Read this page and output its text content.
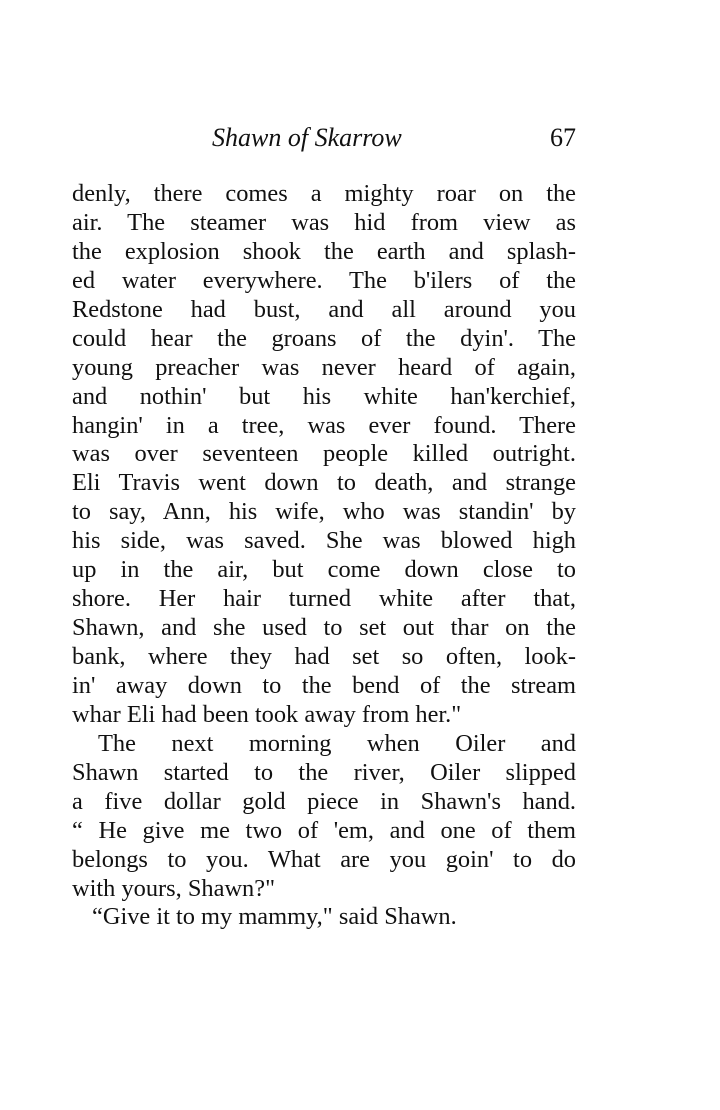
Shawn of Skarrow	67
denly, there comes a mighty roar on the
air. The steamer was hid from view as
the explosion shook the earth and splash-
ed water everywhere. The b'ilers of the
Redstone had bust, and all around you
could hear the groans of the dyin'. The
young preacher was never heard of again,
and nothin' but his white han'kerchief,
hangin' in a tree, was ever found. There
was over seventeen people killed outright.
Eli Travis went down to death, and strange
to say, Ann, his wife, who was standin' by
his side, was saved. She was blowed high
up in the air, but come down close to
shore. Her hair turned white after that,
Shawn, and she used to set out thar on the
bank, where they had set so often, look-
in' away down to the bend of the stream
whar Eli had been took away from her."
The next morning when Oiler and
Shawn started to the river, Oiler slipped
a five dollar gold piece in Shawn's hand.
“ He give me two of 'em, and one of them
belongs to you. What are you goin' to do
with yours, Shawn?"
“Give it to my mammy," said Shawn.
